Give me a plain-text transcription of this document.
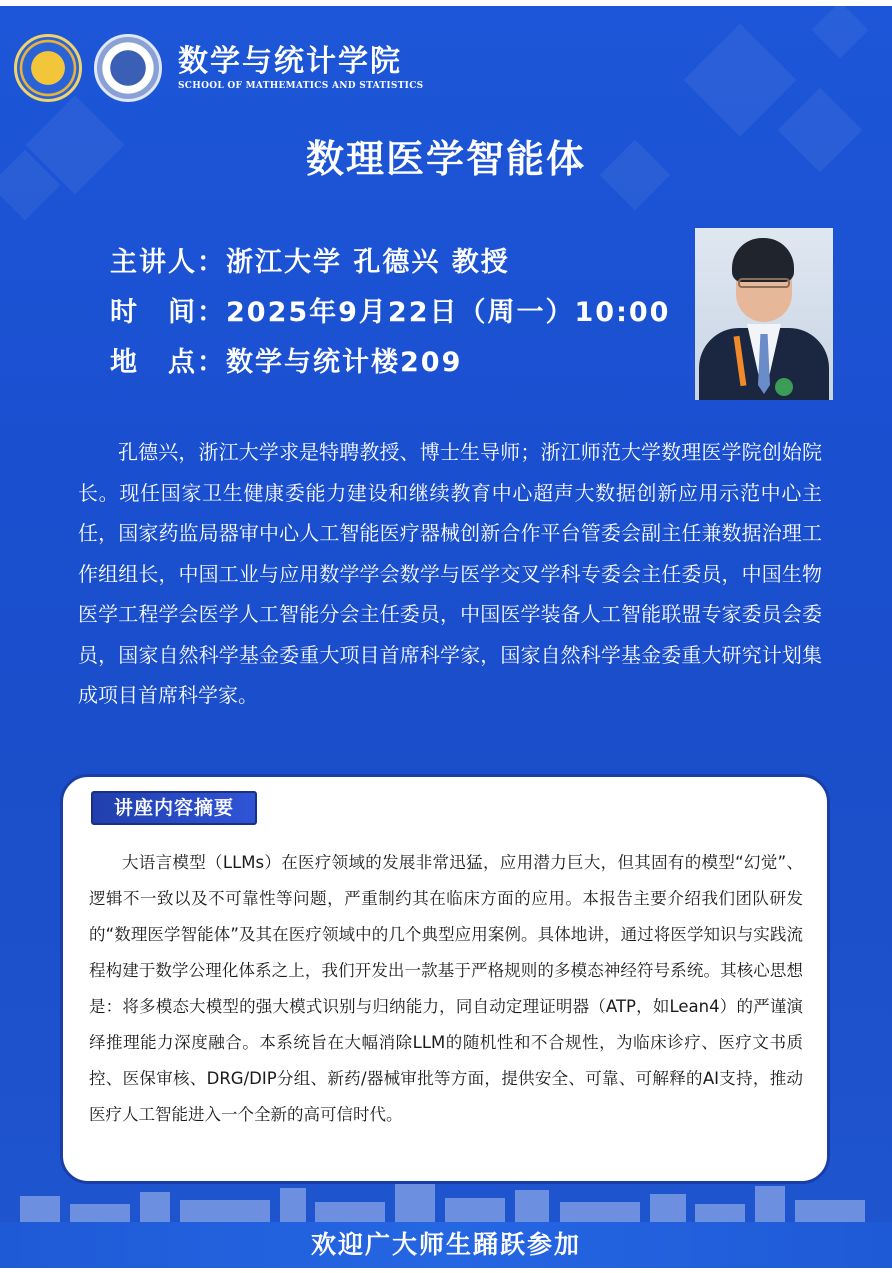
数学与统计学院
SCHOOL OF MATHEMATICS AND STATISTICS
数理医学智能体
主讲人：浙江大学 孔德兴 教授
时　间：2025年9月22日（周一）10:00
地　点：数学与统计楼209
孔德兴，浙江大学求是特聘教授、博士生导师；浙江师范大学数理医学院创始院长。现任国家卫生健康委能力建设和继续教育中心超声大数据创新应用示范中心主任，国家药监局器审中心人工智能医疗器械创新合作平台管委会副主任兼数据治理工作组组长，中国工业与应用数学学会数学与医学交叉学科专委会主任委员，中国生物医学工程学会医学人工智能分会主任委员，中国医学装备人工智能联盟专家委员会委员，国家自然科学基金委重大项目首席科学家，国家自然科学基金委重大研究计划集成项目首席科学家。
讲座内容摘要
大语言模型（LLMs）在医疗领域的发展非常迅猛，应用潜力巨大，但其固有的模型“幻觉”、逻辑不一致以及不可靠性等问题，严重制约其在临床方面的应用。本报告主要介绍我们团队研发的“数理医学智能体”及其在医疗领域中的几个典型应用案例。具体地讲，通过将医学知识与实践流程构建于数学公理化体系之上，我们开发出一款基于严格规则的多模态神经符号系统。其核心思想是：将多模态大模型的强大模式识别与归纳能力，同自动定理证明器（ATP，如Lean4）的严谨演绎推理能力深度融合。本系统旨在大幅消除LLM的随机性和不合规性，为临床诊疗、医疗文书质控、医保审核、DRG/DIP分组、新药/器械审批等方面，提供安全、可靠、可解释的AI支持，推动医疗人工智能进入一个全新的高可信时代。
欢迎广大师生踊跃参加
